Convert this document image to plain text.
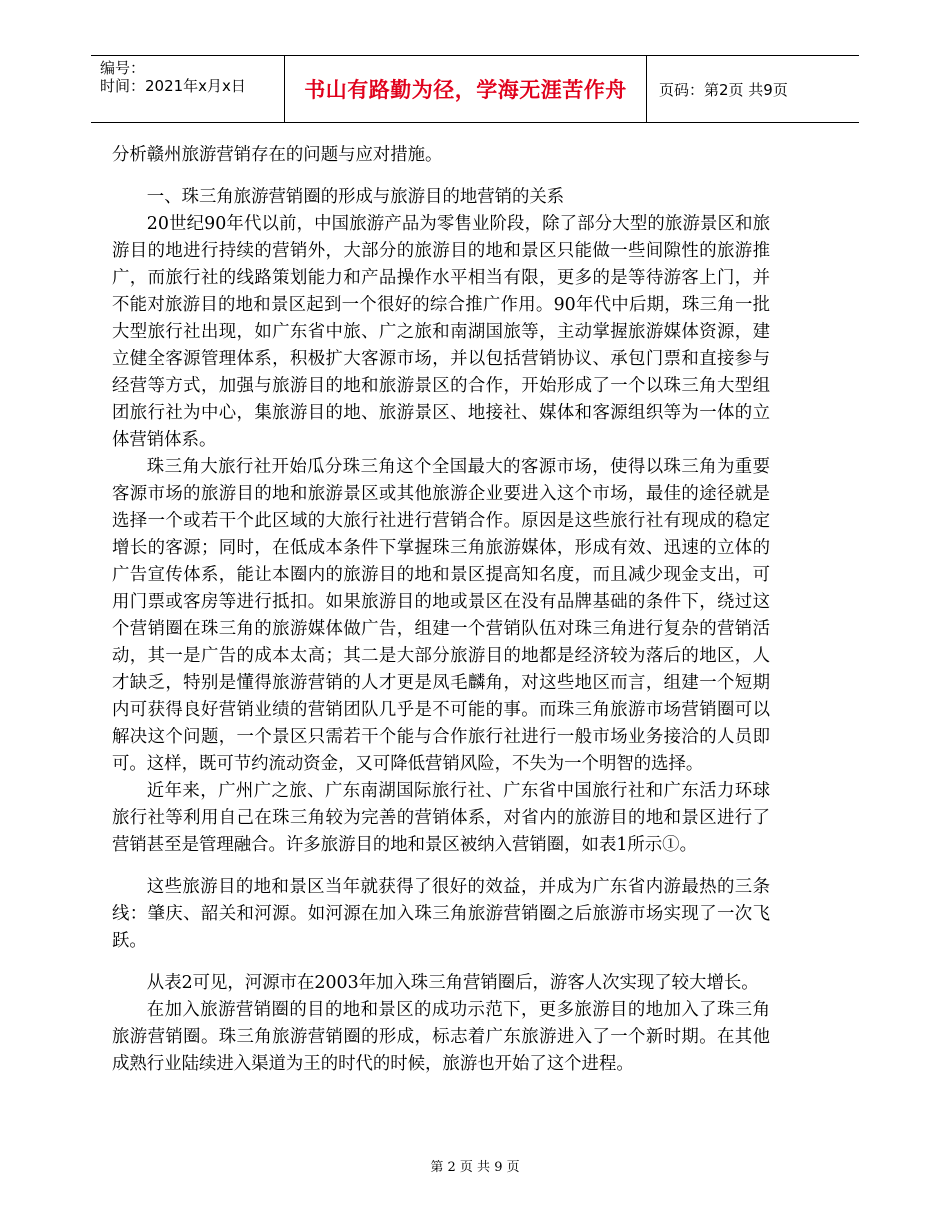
编号：
时间：2021年x月x日	书山有路勤为径，学海无涯苦作舟	页码：第2页 共9页

分析赣州旅游营销存在的问题与应对措施。

一、珠三角旅游营销圈的形成与旅游目的地营销的关系

20世纪90年代以前，中国旅游产品为零售业阶段，除了部分大型的旅游景区和旅游目的地进行持续的营销外，大部分的旅游目的地和景区只能做一些间隙性的旅游推广，而旅行社的线路策划能力和产品操作水平相当有限，更多的是等待游客上门，并不能对旅游目的地和景区起到一个很好的综合推广作用。90年代中后期，珠三角一批大型旅行社出现，如广东省中旅、广之旅和南湖国旅等，主动掌握旅游媒体资源，建立健全客源管理体系，积极扩大客源市场，并以包括营销协议、承包门票和直接参与经营等方式，加强与旅游目的地和旅游景区的合作，开始形成了一个以珠三角大型组团旅行社为中心，集旅游目的地、旅游景区、地接社、媒体和客源组织等为一体的立体营销体系。

珠三角大旅行社开始瓜分珠三角这个全国最大的客源市场，使得以珠三角为重要客源市场的旅游目的地和旅游景区或其他旅游企业要进入这个市场，最佳的途径就是选择一个或若干个此区域的大旅行社进行营销合作。原因是这些旅行社有现成的稳定增长的客源；同时，在低成本条件下掌握珠三角旅游媒体，形成有效、迅速的立体的广告宣传体系，能让本圈内的旅游目的地和景区提高知名度，而且减少现金支出，可用门票或客房等进行抵扣。如果旅游目的地或景区在没有品牌基础的条件下，绕过这个营销圈在珠三角的旅游媒体做广告，组建一个营销队伍对珠三角进行复杂的营销活动，其一是广告的成本太高；其二是大部分旅游目的地都是经济较为落后的地区，人才缺乏，特别是懂得旅游营销的人才更是凤毛麟角，对这些地区而言，组建一个短期内可获得良好营销业绩的营销团队几乎是不可能的事。而珠三角旅游市场营销圈可以解决这个问题，一个景区只需若干个能与合作旅行社进行一般市场业务接洽的人员即可。这样，既可节约流动资金，又可降低营销风险，不失为一个明智的选择。

近年来，广州广之旅、广东南湖国际旅行社、广东省中国旅行社和广东活力环球旅行社等利用自己在珠三角较为完善的营销体系，对省内的旅游目的地和景区进行了营销甚至是管理融合。许多旅游目的地和景区被纳入营销圈，如表1所示①。

这些旅游目的地和景区当年就获得了很好的效益，并成为广东省内游最热的三条线：肇庆、韶关和河源。如河源在加入珠三角旅游营销圈之后旅游市场实现了一次飞跃。

从表2可见，河源市在2003年加入珠三角营销圈后，游客人次实现了较大增长。

在加入旅游营销圈的目的地和景区的成功示范下，更多旅游目的地加入了珠三角旅游营销圈。珠三角旅游营销圈的形成，标志着广东旅游进入了一个新时期。在其他成熟行业陆续进入渠道为王的时代的时候，旅游也开始了这个进程。

第 2 页 共 9 页
